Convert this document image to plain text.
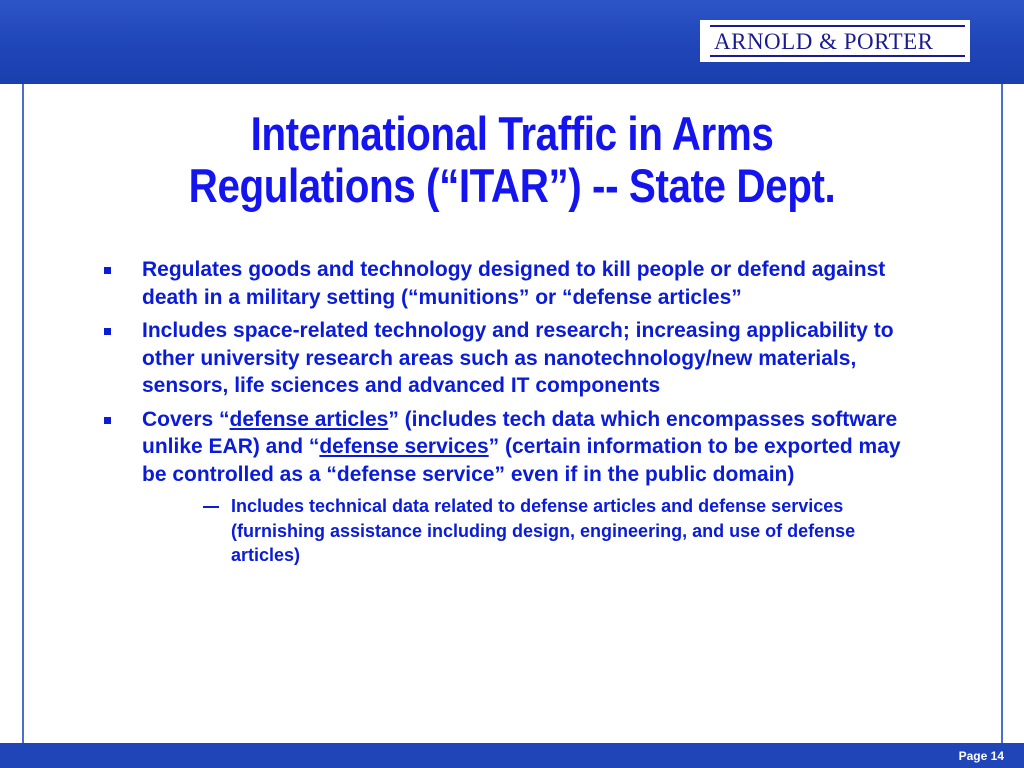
ARNOLD & PORTER
International Traffic in Arms
Regulations (“ITAR”) -- State Dept.
Regulates goods and technology designed to kill people or defend against death in a military setting (“munitions” or “defense articles”
Includes space-related technology and research; increasing applicability to other university research areas such as nanotechnology/new materials, sensors, life sciences and advanced IT components
Covers “defense articles” (includes tech data which encompasses software unlike EAR) and “defense services” (certain information to be exported may be controlled as a “defense service” even if in the public domain)
Includes technical data related to defense articles and defense services (furnishing assistance including design, engineering, and use of defense articles)
Page 14
